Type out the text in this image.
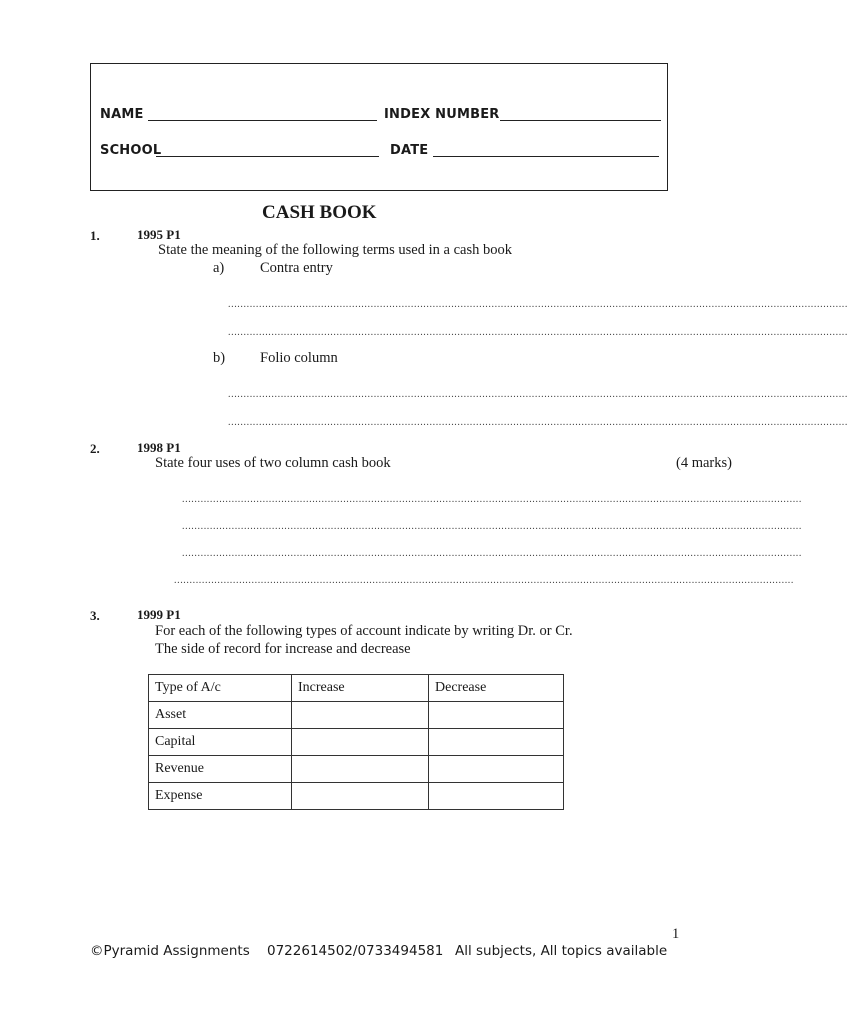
NAME	INDEX NUMBER
SCHOOL	DATE
CASH BOOK
1.	1995 P1
State the meaning of the following terms used in a cash book
a) Contra entry
........................................................................................................................................................................................................
........................................................................................................................................................................................................
b) Folio column
........................................................................................................................................................................................................
........................................................................................................................................................................................................
2.	1998 P1
State four uses of two column cash book	(4 marks)
........................................................................................................................................................................................................
........................................................................................................................................................................................................
........................................................................................................................................................................................................
........................................................................................................................................................................................................
3.	1999 P1
For each of the following types of account indicate by writing Dr. or Cr.
The side of record for increase and decrease
Type of A/c	Increase	Decrease
Asset		
Capital		
Revenue		
Expense		
1
©Pyramid Assignments 0722614502/0733494581 All subjects, All topics available
